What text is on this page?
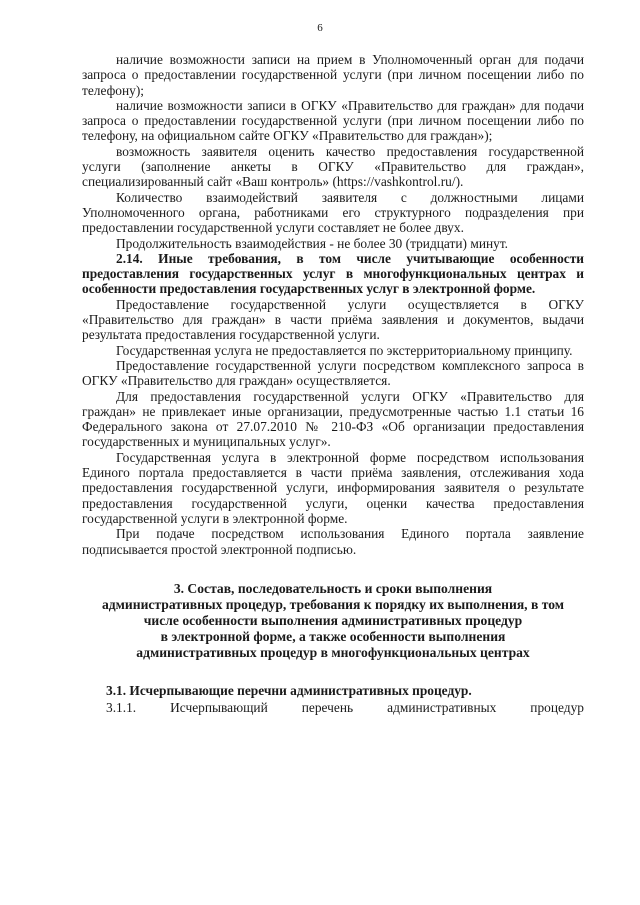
6

наличие возможности записи на прием в Уполномоченный орган для подачи запроса о предоставлении государственной услуги (при личном посещении либо по телефону);

наличие возможности записи в ОГКУ «Правительство для граждан» для подачи запроса о предоставлении государственной услуги (при личном посещении либо по телефону, на официальном сайте ОГКУ «Правительство для граждан»);

возможность заявителя оценить качество предоставления государственной услуги (заполнение анкеты в ОГКУ «Правительство для граждан», специализированный сайт «Ваш контроль» (https://vashkontrol.ru/).

Количество взаимодействий заявителя с должностными лицами Уполномоченного органа, работниками его структурного подразделения при предоставлении государственной услуги составляет не более двух.

Продолжительность взаимодействия - не более 30 (тридцати) минут.

2.14. Иные требования, в том числе учитывающие особенности предоставления государственных услуг в многофункциональных центрах и особенности предоставления государственных услуг в электронной форме.

Предоставление государственной услуги осуществляется в ОГКУ «Правительство для граждан» в части приёма заявления и документов, выдачи результата предоставления государственной услуги.

Государственная услуга не предоставляется по экстерриториальному принципу.

Предоставление государственной услуги посредством комплексного запроса в ОГКУ «Правительство для граждан» осуществляется.

Для предоставления государственной услуги ОГКУ «Правительство для граждан» не привлекает иные организации, предусмотренные частью 1.1 статьи 16 Федерального закона от 27.07.2010 № 210-ФЗ «Об организации предоставления государственных и муниципальных услуг».

Государственная услуга в электронной форме посредством использования Единого портала предоставляется в части приёма заявления, отслеживания хода предоставления государственной услуги, информирования заявителя о результате предоставления государственной услуги, оценки качества предоставления государственной услуги в электронной форме.

При подаче посредством использования Единого портала заявление подписывается простой электронной подписью.

3. Состав, последовательность и сроки выполнения
административных процедур, требования к порядку их выполнения, в том
числе особенности выполнения административных процедур
в электронной форме, а также особенности выполнения
административных процедур в многофункциональных центрах

3.1. Исчерпывающие перечни административных процедур.

3.1.1. Исчерпывающий перечень административных процедур
